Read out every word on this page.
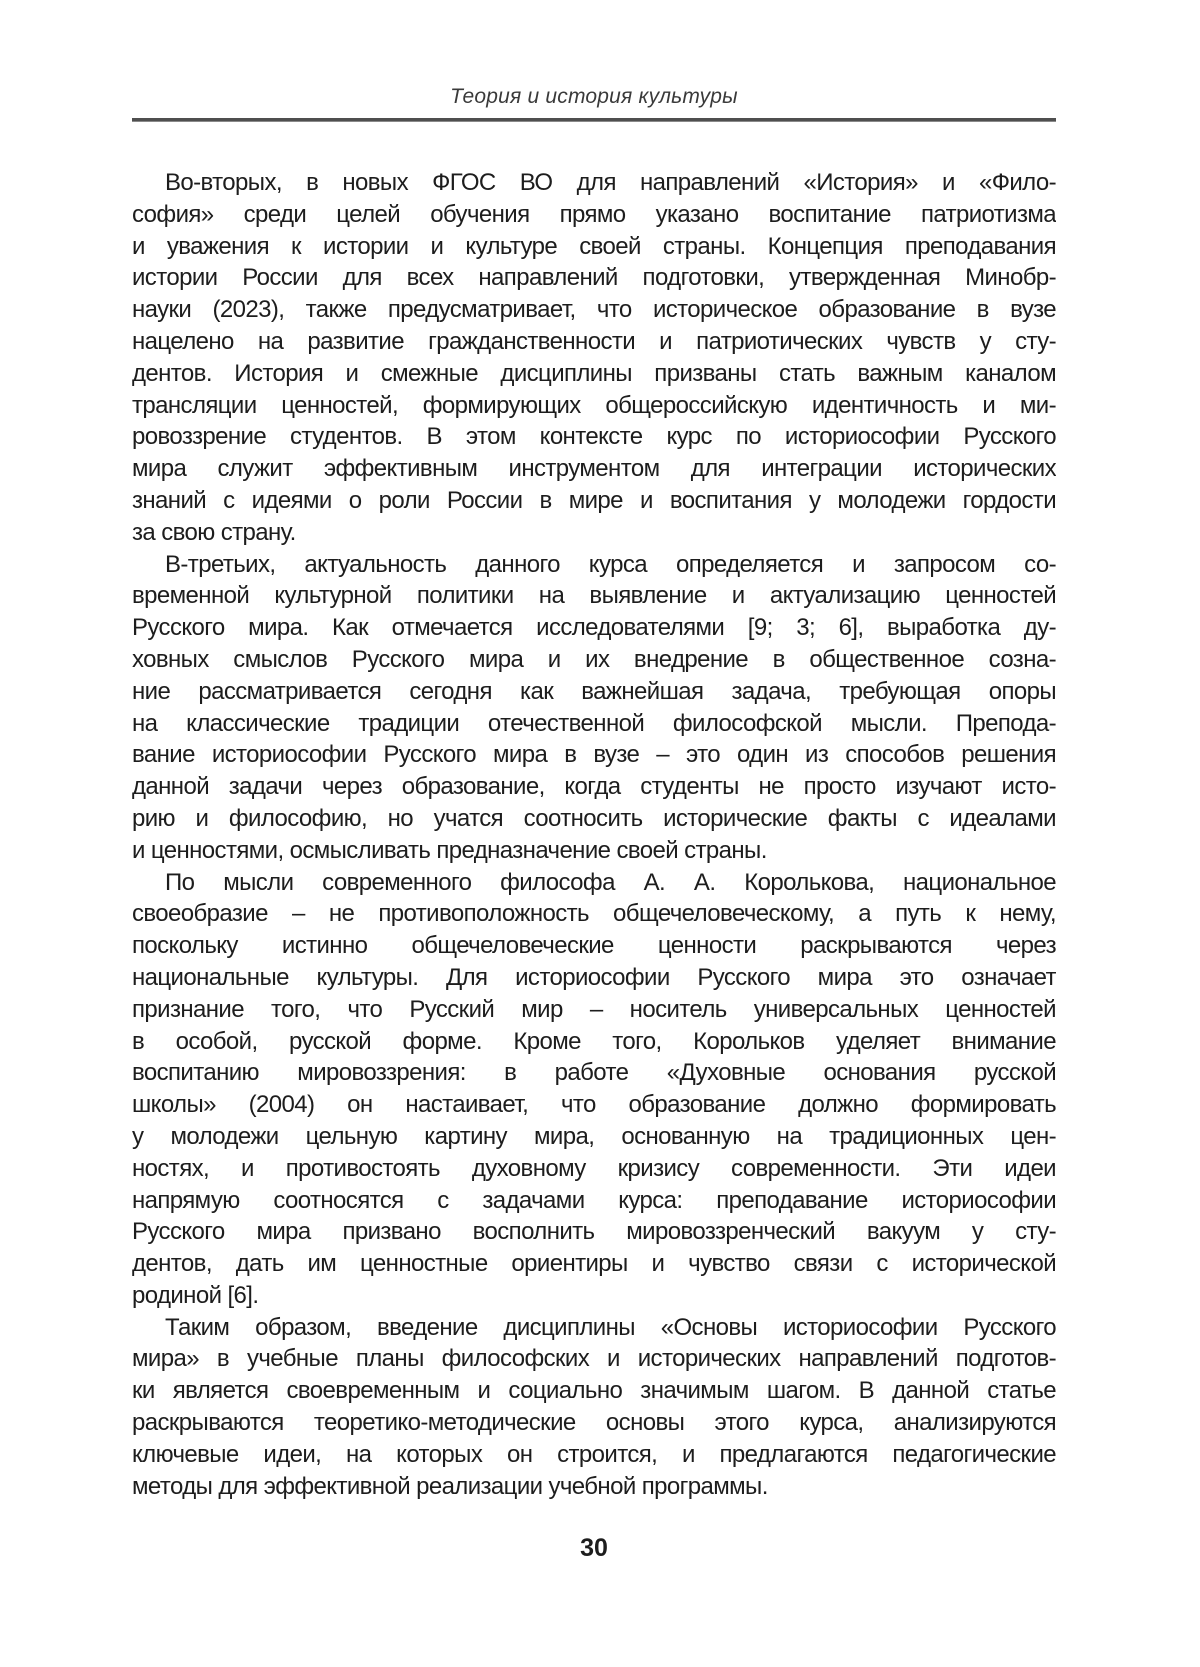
Теория и история культуры
Во-вторых, в новых ФГОС ВО для направлений «История» и «Фило-
софия» среди целей обучения прямо указано воспитание патриотизма
и уважения к истории и культуре своей страны. Концепция преподавания
истории России для всех направлений подготовки, утвержденная Минобр-
науки (2023), также предусматривает, что историческое образование в вузе
нацелено на развитие гражданственности и патриотических чувств у сту-
дентов. История и смежные дисциплины призваны стать важным каналом
трансляции ценностей, формирующих общероссийскую идентичность и ми-
ровоззрение студентов. В этом контексте курс по историософии Русского
мира служит эффективным инструментом для интеграции исторических
знаний с идеями о роли России в мире и воспитания у молодежи гордости
за свою страну.
В-третьих, актуальность данного курса определяется и запросом со-
временной культурной политики на выявление и актуализацию ценностей
Русского мира. Как отмечается исследователями [9; 3; 6], выработка ду-
ховных смыслов Русского мира и их внедрение в общественное созна-
ние рассматривается сегодня как важнейшая задача, требующая опоры
на классические традиции отечественной философской мысли. Препода-
вание историософии Русского мира в вузе – это один из способов решения
данной задачи через образование, когда студенты не просто изучают исто-
рию и философию, но учатся соотносить исторические факты с идеалами
и ценностями, осмысливать предназначение своей страны.
По мысли современного философа А. А. Королькова, национальное
своеобразие – не противоположность общечеловеческому, а путь к нему,
поскольку истинно общечеловеческие ценности раскрываются через
национальные культуры. Для историософии Русского мира это означает
признание того, что Русский мир – носитель универсальных ценностей
в особой, русской форме. Кроме того, Корольков уделяет внимание
воспитанию мировоззрения: в работе «Духовные основания русской
школы» (2004) он настаивает, что образование должно формировать
у молодежи цельную картину мира, основанную на традиционных цен-
ностях, и противостоять духовному кризису современности. Эти идеи
напрямую соотносятся с задачами курса: преподавание историософии
Русского мира призвано восполнить мировоззренческий вакуум у сту-
дентов, дать им ценностные ориентиры и чувство связи с исторической
родиной [6].
Таким образом, введение дисциплины «Основы историософии Русского
мира» в учебные планы философских и исторических направлений подготов-
ки является своевременным и социально значимым шагом. В данной статье
раскрываются теоретико-методические основы этого курса, анализируются
ключевые идеи, на которых он строится, и предлагаются педагогические
методы для эффективной реализации учебной программы.
30
